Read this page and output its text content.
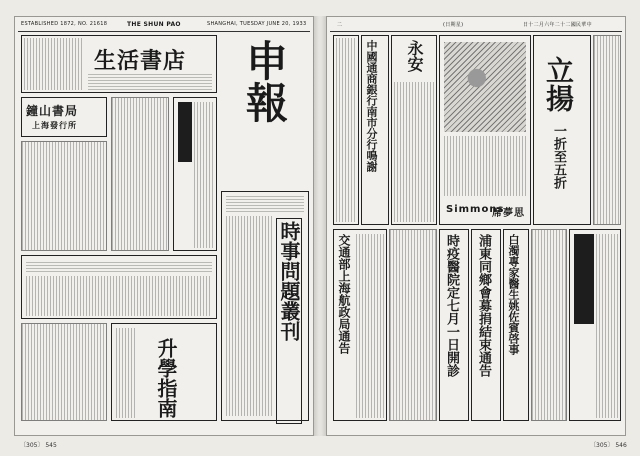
ESTABLISHED 1872, NO. 21618	THE SHUN PAO	SHANGHAI, TUESDAY JUNE 20, 1933
生活書店 申報
鐘山書局
上海發行所
時事問題叢刊
升學指南
二	(日期星)	日十二月六年二十二國民華中
中國通商銀行南市分行鳴謝 永安
Simmons
席夢思
立揚
一折至五折
交通部上海航政局通告	時疫醫院定七月一日開診 浦東同鄉會募捐結束通告 白濁專家醫生姚佐賓啓事
〔305〕 545	〔305〕 546
